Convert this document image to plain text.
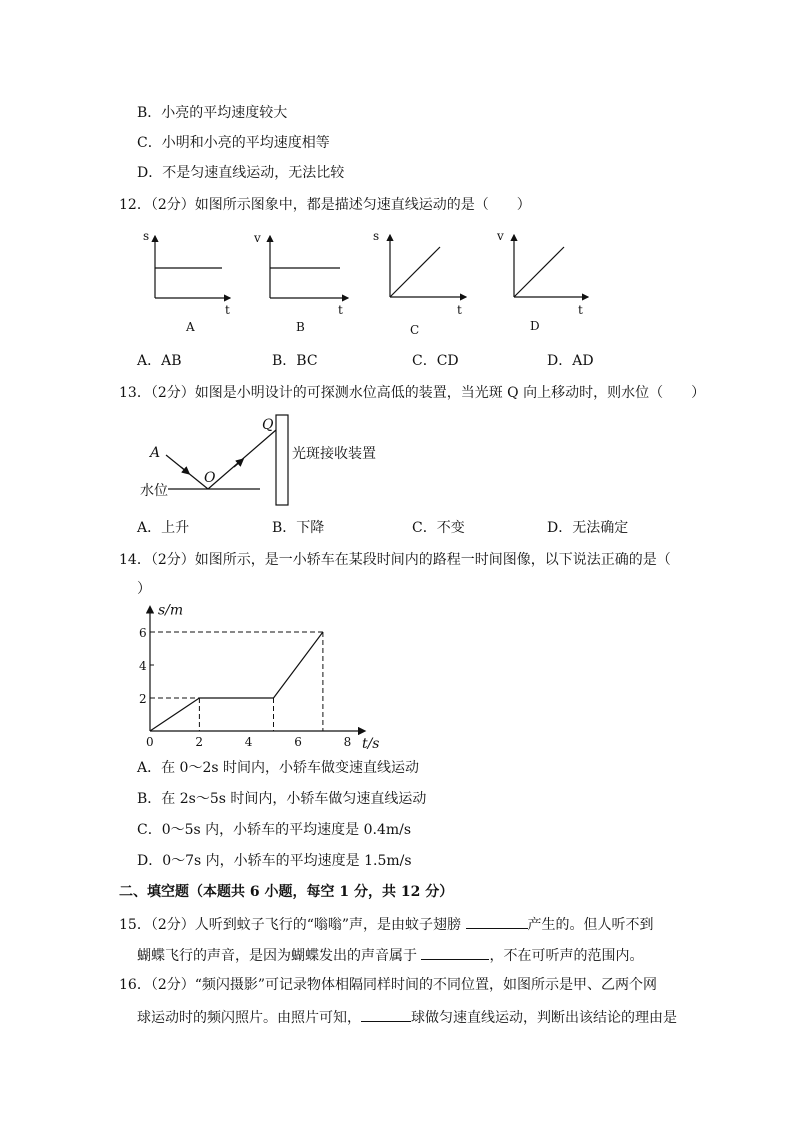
B．小亮的平均速度较大
C．小明和小亮的平均速度相等
D．不是匀速直线运动，无法比较
12．（2分）如图所示图象中，都是描述匀速直线运动的是（　　）
s
t
A
v
t
B
s
t
C
v
t
D
A．AB	B．BC	C．CD	D．AD
13．（2分）如图是小明设计的可探测水位高低的装置，当光斑 Q 向上移动时，则水位（　　）
A
O
Q
水位
光斑接收装置
A．上升	B．下降	C．不变	D．无法确定
14．（2分）如图所示，是一小轿车在某段时间内的路程一时间图像，以下说法正确的是（
）
s/m
t/s
0	2	4	6	8
2
4
6
A．在 0～2s 时间内，小轿车做变速直线运动
B．在 2s～5s 时间内，小轿车做匀速直线运动
C．0～5s 内，小轿车的平均速度是 0.4m/s
D．0～7s 内，小轿车的平均速度是 1.5m/s
二、填空题（本题共 6 小题，每空 1 分，共 12 分）
15．（2分）人听到蚊子飞行的“嗡嗡”声，是由蚊子翅膀	产生的。但人听不到
蝴蝶飞行的声音，是因为蝴蝶发出的声音属于	，不在可听声的范围内。
16．（2分）“频闪摄影”可记录物体相隔同样时间的不同位置，如图所示是甲、乙两个网
球运动时的频闪照片。由照片可知，	球做匀速直线运动，判断出该结论的理由是
